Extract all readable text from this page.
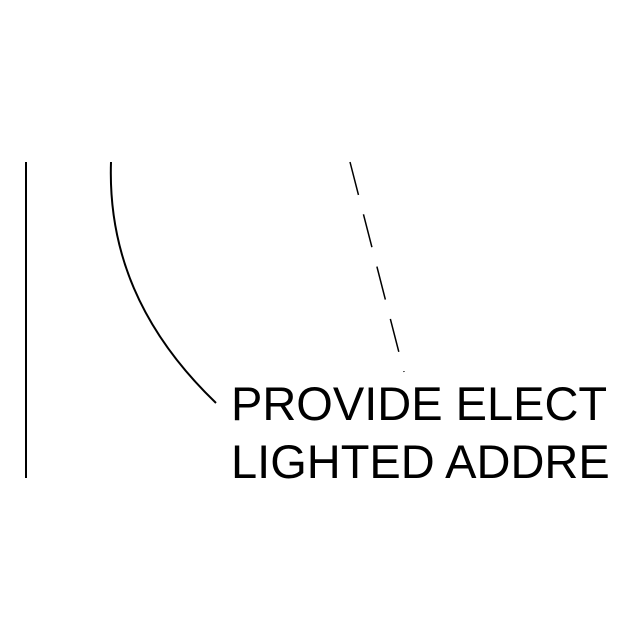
PROVIDE ELECT
LIGHTED ADDRE
